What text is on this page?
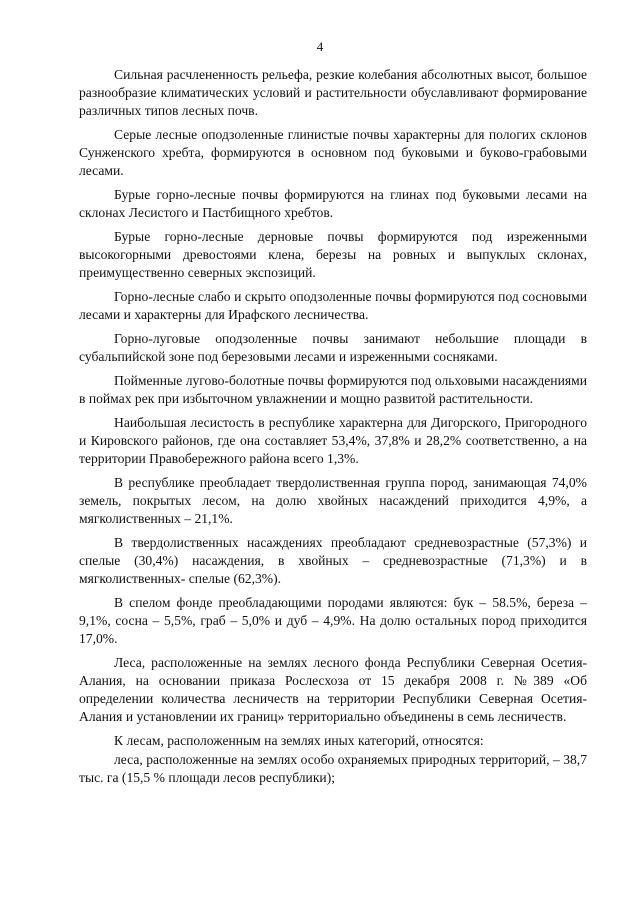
4

Сильная расчлененность рельефа, резкие колебания абсолютных высот, большое разнообразие климатических условий и растительности обуславливают формирование различных типов лесных почв.

Серые лесные оподзоленные глинистые почвы характерны для пологих склонов Сунженского хребта, формируются в основном под буковыми и буково-грабовыми лесами.

Бурые горно-лесные почвы формируются на глинах под буковыми лесами на склонах Лесистого и Пастбищного хребтов.

Бурые горно-лесные дерновые почвы формируются под изреженными высокогорными древостоями клена, березы на ровных и выпуклых склонах, преимущественно северных экспозиций.

Горно-лесные слабо и скрыто оподзоленные почвы формируются под сосновыми лесами и характерны для Ирафского лесничества.

Горно-луговые оподзоленные почвы занимают небольшие площади в субальпийской зоне под березовыми лесами и изреженными сосняками.

Пойменные лугово-болотные почвы формируются под ольховыми насаждениями в поймах рек при избыточном увлажнении и мощно развитой растительности.

Наибольшая лесистость в республике характерна для Дигорского, Пригородного и Кировского районов, где она составляет 53,4%, 37,8% и 28,2% соответственно, а на территории Правобережного района всего 1,3%.

В республике преобладает твердолиственная группа пород, занимающая 74,0% земель, покрытых лесом, на долю хвойных насаждений приходится 4,9%, а мягколиственных – 21,1%.

В твердолиственных насаждениях преобладают средневозрастные (57,3%) и спелые (30,4%) насаждения, в хвойных – средневозрастные (71,3%) и в мягколиственных- спелые (62,3%).

В спелом фонде преобладающими породами являются: бук – 58.5%, береза – 9,1%, сосна – 5,5%, граб – 5,0% и дуб – 4,9%. На долю остальных пород приходится 17,0%.

Леса, расположенные на землях лесного фонда Республики Северная Осетия-Алания, на основании приказа Рослесхоза от 15 декабря 2008 г. №389 «Об определении количества лесничеств на территории Республики Северная Осетия-Алания и установлении их границ» территориально объединены в семь лесничеств.

К лесам, расположенным на землях иных категорий, относятся:

леса, расположенные на землях особо охраняемых природных территорий, – 38,7 тыс. га (15,5 % площади лесов республики);
